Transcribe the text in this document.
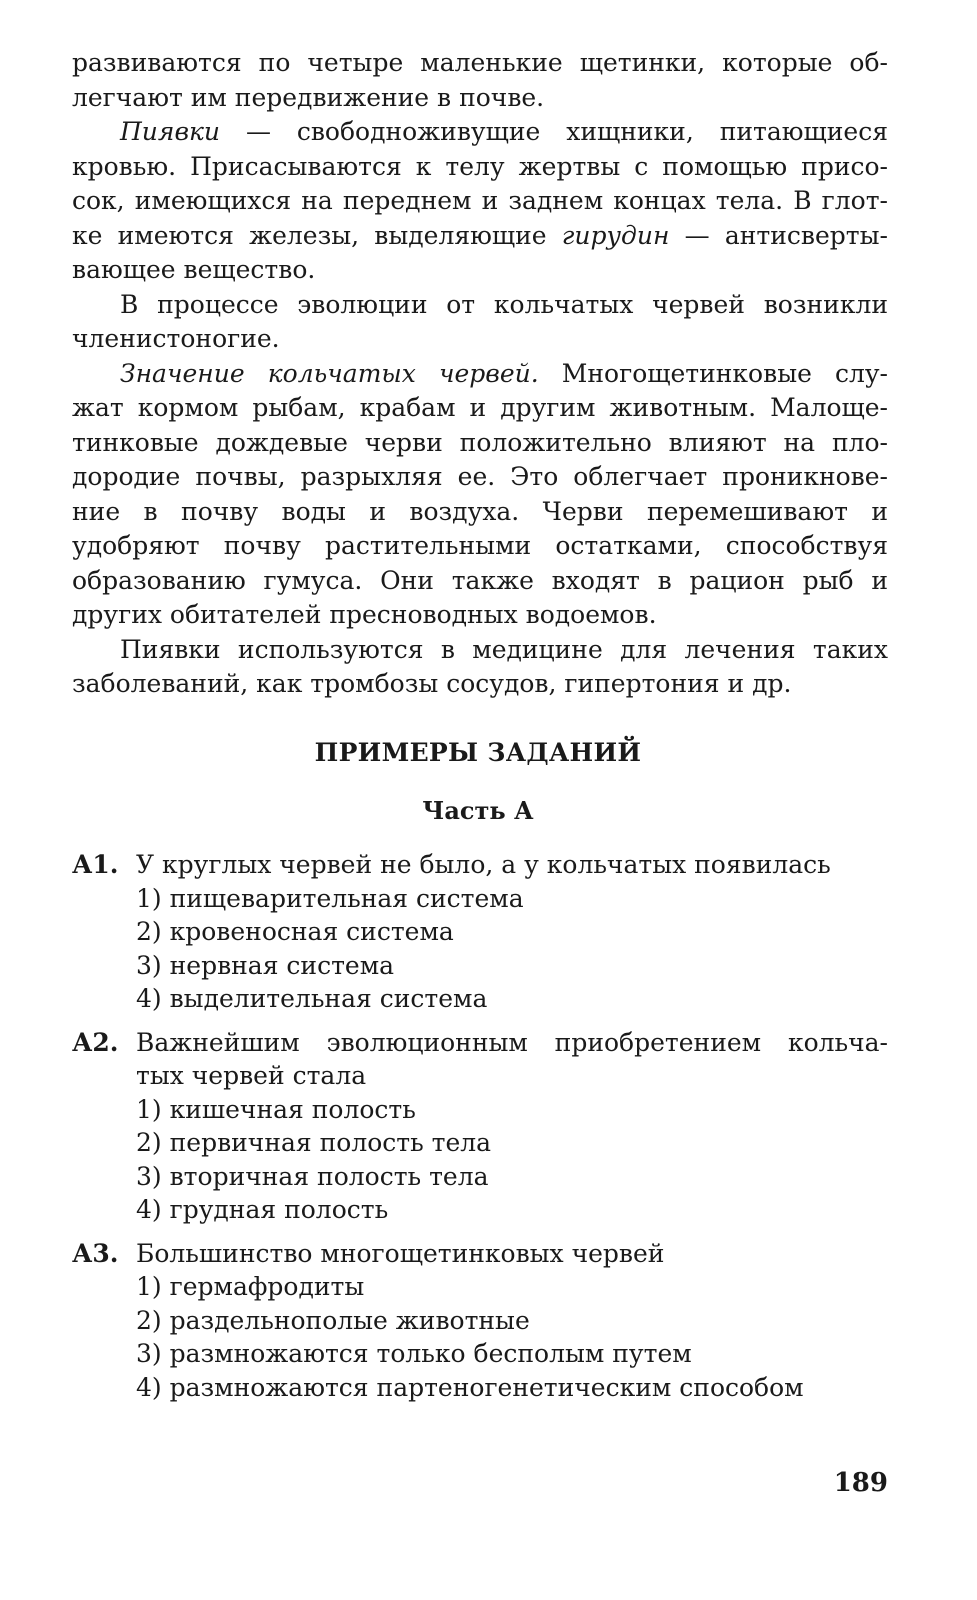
развиваются по четыре маленькие щетинки, которые об-
легчают им передвижение в почве.

Пиявки — свободноживущие хищники, питающиеся
кровью. Присасываются к телу жертвы с помощью присо-
сок, имеющихся на переднем и заднем концах тела. В глот-
ке имеются железы, выделяющие гирудин — антисверты-
вающее вещество.

В процессе эволюции от кольчатых червей возникли
членистоногие.

Значение кольчатых червей. Многощетинковые слу-
жат кормом рыбам, крабам и другим животным. Малоще-
тинковые дождевые черви положительно влияют на пло-
дородие почвы, разрыхляя ее. Это облегчает проникнове-
ние в почву воды и воздуха. Черви перемешивают и
удобряют почву растительными остатками, способствуя
образованию гумуса. Они также входят в рацион рыб и
других обитателей пресноводных водоемов.

Пиявки используются в медицине для лечения таких
заболеваний, как тромбозы сосудов, гипертония и др.

ПРИМЕРЫ ЗАДАНИЙ
Часть А
А1. У круглых червей не было, а у кольчатых появилась
1) пищеварительная система
2) кровеносная система
3) нервная система
4) выделительная система
А2. Важнейшим эволюционным приобретением кольча-
тых червей стала
1) кишечная полость
2) первичная полость тела
3) вторичная полость тела
4) грудная полость
А3. Большинство многощетинковых червей
1) гермафродиты
2) раздельнополые животные
3) размножаются только бесполым путем
4) размножаются партеногенетическим способом
189
